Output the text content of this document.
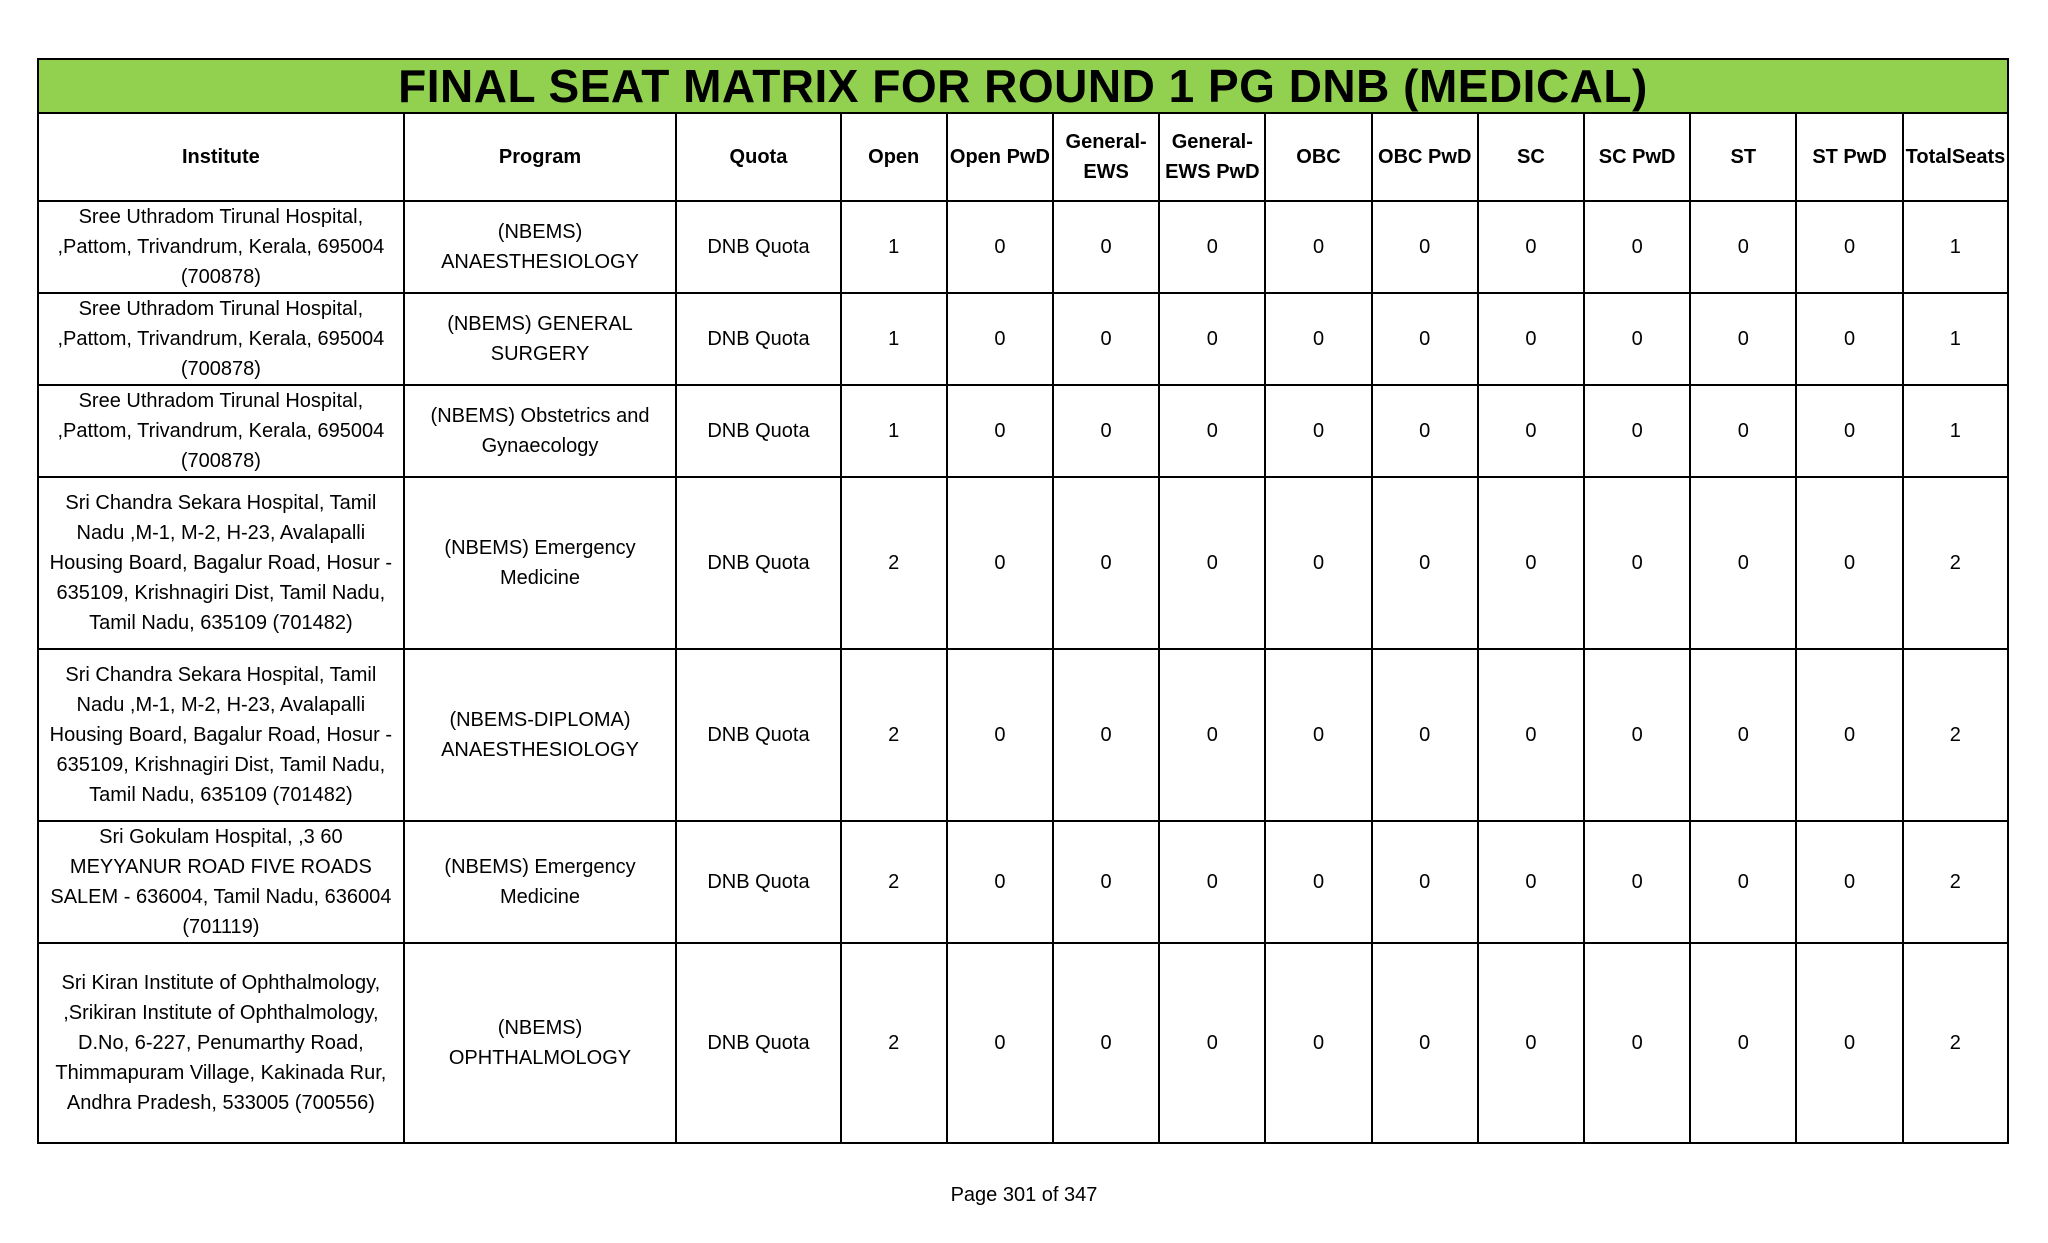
FINAL SEAT MATRIX FOR ROUND 1 PG DNB (MEDICAL)													
Institute	Program	Quota	Open	Open PwD	General-EWS	General-EWS PwD	OBC	OBC PwD	SC	SC PwD	ST	ST PwD	TotalSeats
Sree Uthradom Tirunal Hospital, ,Pattom, Trivandrum, Kerala, 695004 (700878)	(NBEMS) ANAESTHESIOLOGY	DNB Quota	1	0	0	0	0	0	0	0	0	0	1
Sree Uthradom Tirunal Hospital, ,Pattom, Trivandrum, Kerala, 695004 (700878)	(NBEMS) GENERAL SURGERY	DNB Quota	1	0	0	0	0	0	0	0	0	0	1
Sree Uthradom Tirunal Hospital, ,Pattom, Trivandrum, Kerala, 695004 (700878)	(NBEMS) Obstetrics and Gynaecology	DNB Quota	1	0	0	0	0	0	0	0	0	0	1
Sri Chandra Sekara Hospital, Tamil Nadu ,M-1, M-2, H-23, Avalapalli Housing Board, Bagalur Road, Hosur - 635109, Krishnagiri Dist, Tamil Nadu, Tamil Nadu, 635109 (701482)	(NBEMS) Emergency Medicine	DNB Quota	2	0	0	0	0	0	0	0	0	0	2
Sri Chandra Sekara Hospital, Tamil Nadu ,M-1, M-2, H-23, Avalapalli Housing Board, Bagalur Road, Hosur - 635109, Krishnagiri Dist, Tamil Nadu, Tamil Nadu, 635109 (701482)	(NBEMS-DIPLOMA) ANAESTHESIOLOGY	DNB Quota	2	0	0	0	0	0	0	0	0	0	2
Sri Gokulam Hospital, ,3 60 MEYYANUR ROAD FIVE ROADS SALEM - 636004, Tamil Nadu, 636004 (701119)	(NBEMS) Emergency Medicine	DNB Quota	2	0	0	0	0	0	0	0	0	0	2
Sri Kiran Institute of Ophthalmology, ,Srikiran Institute of Ophthalmology, D.No, 6-227, Penumarthy Road, Thimmapuram Village, Kakinada Rur, Andhra Pradesh, 533005 (700556)	(NBEMS) OPHTHALMOLOGY	DNB Quota	2	0	0	0	0	0	0	0	0	0	2
Page 301 of 347
